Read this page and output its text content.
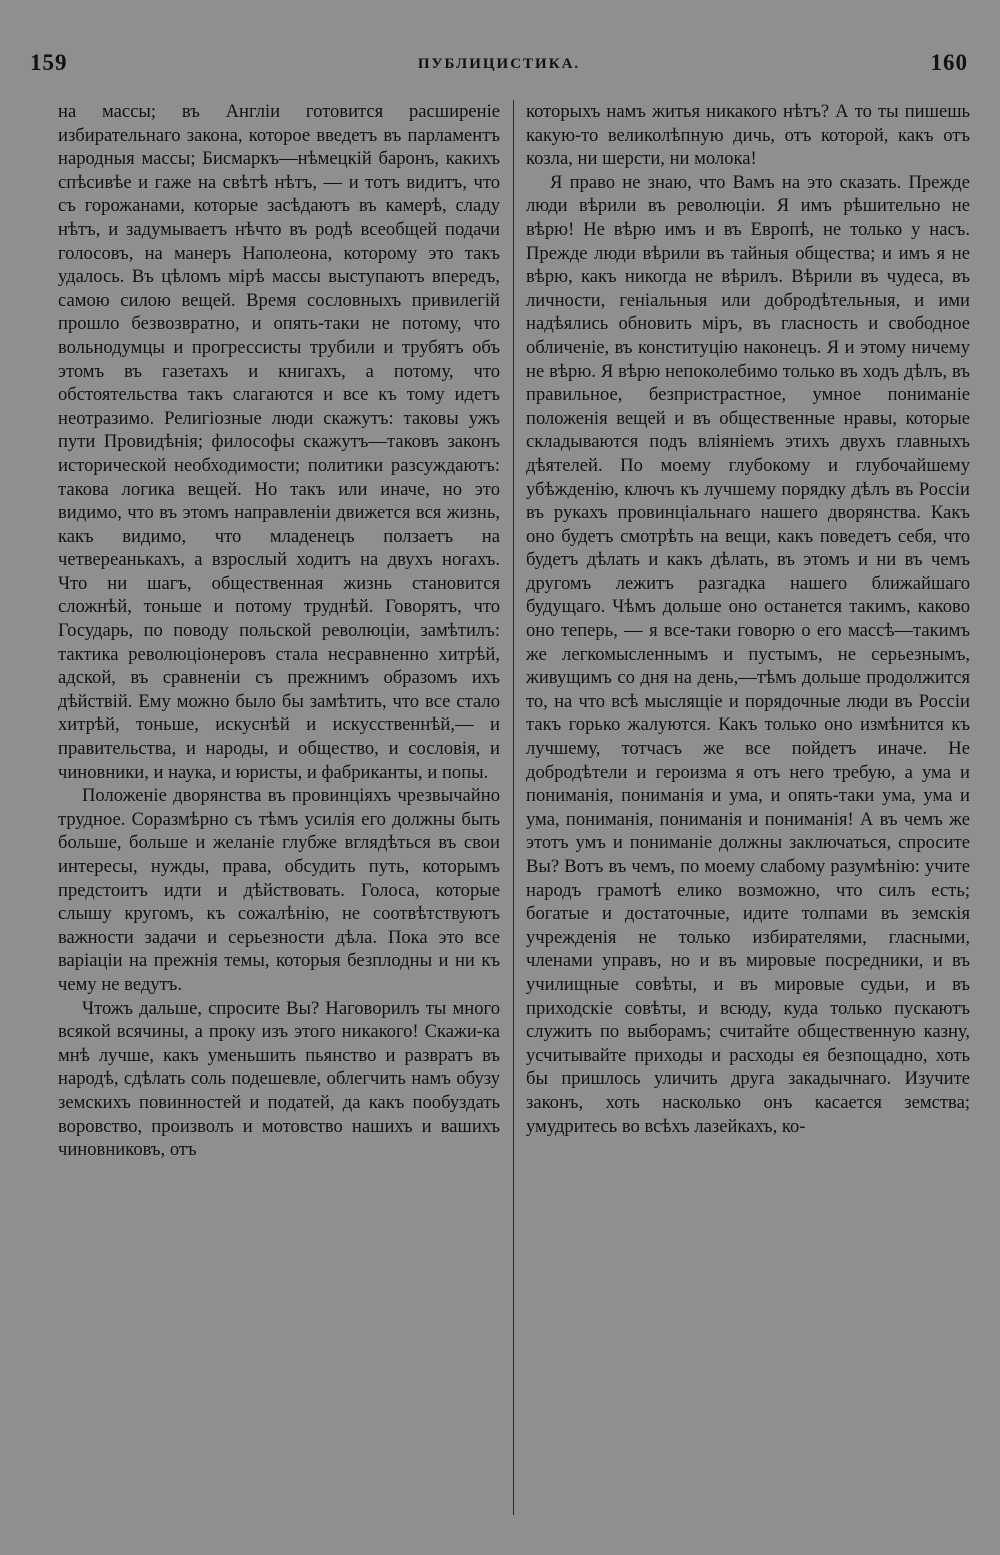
159	ПУБЛИЦИСТИКА.	160

на массы; въ Англіи готовится расширеніе избирательнаго закона, которое введетъ въ парламентъ народныя массы; Бисмаркъ—нѣмецкій баронъ, какихъ спѣсивѣе и гаже на свѣтѣ нѣтъ, — и тотъ видитъ, что съ горожанами, которые засѣдаютъ въ камерѣ, сладу нѣтъ, и задумываетъ нѣчто въ родѣ всеобщей подачи голосовъ, на манеръ Наполеона, которому это такъ удалось. Въ цѣломъ мірѣ массы выступаютъ впередъ, самою силою вещей. Время сословныхъ привилегій прошло безвозвратно, и опять-таки не потому, что вольнодумцы и прогрессисты трубили и трубятъ объ этомъ въ газетахъ и книгахъ, а потому, что обстоятельства такъ слагаются и все къ тому идетъ неотразимо. Религіозные люди скажутъ: таковы ужъ пути Провидѣнія; философы скажутъ—таковъ законъ исторической необходимости; политики разсуждаютъ: такова логика вещей. Но такъ или иначе, но это видимо, что въ этомъ направленіи движется вся жизнь, какъ видимо, что младенецъ ползаетъ на четвереанькахъ, а взрослый ходитъ на двухъ ногахъ. Что ни шагъ, общественная жизнь становится сложнѣй, тоньше и потому труднѣй. Говорятъ, что Государь, по поводу польской революціи, замѣтилъ: тактика революціонеровъ стала несравненно хитрѣй, адской, въ сравненіи съ прежнимъ образомъ ихъ дѣйствій. Ему можно было бы замѣтить, что все стало хитрѣй, тоньше, искуснѣй и искусственнѣй,— и правительства, и народы, и общество, и сословія, и чиновники, и наука, и юристы, и фабриканты, и попы.

Положеніе дворянства въ провинціяхъ чрезвычайно трудное. Соразмѣрно съ тѣмъ усилія его должны быть больше, больше и желаніе глубже вглядѣться въ свои интересы, нужды, права, обсудить путь, которымъ предстоитъ идти и дѣйствовать. Голоса, которые слышу кругомъ, къ сожалѣнію, не соотвѣтствуютъ важности задачи и серьезности дѣла. Пока это все варіаціи на прежнія темы, которыя безплодны и ни къ чему не ведутъ.

Чтожъ дальше, спросите Вы? Наговорилъ ты много всякой всячины, а проку изъ этого никакого! Скажи-ка мнѣ лучше, какъ уменьшить пьянство и развратъ въ народѣ, сдѣлать соль подешевле, облегчить намъ обузу земскихъ повинностей и податей, да какъ пообуздать воровство, произволъ и мотовство нашихъ и вашихъ чиновниковъ, отъ

которыхъ намъ житья никакого нѣтъ? А то ты пишешь какую-то великолѣпную дичь, отъ которой, какъ отъ козла, ни шерсти, ни молока!

Я право не знаю, что Вамъ на это сказать. Прежде люди вѣрили въ революціи. Я имъ рѣшительно не вѣрю! Не вѣрю имъ и въ Европѣ, не только у насъ. Прежде люди вѣрили въ тайныя общества; и имъ я не вѣрю, какъ никогда не вѣрилъ. Вѣрили въ чудеса, въ личности, геніальныя или добродѣтельныя, и ими надѣялись обновить міръ, въ гласность и свободное обличеніе, въ конституцію наконецъ. Я и этому ничему не вѣрю. Я вѣрю непоколебимо только въ ходъ дѣлъ, въ правильное, безпристрастное, умное пониманіе положенія вещей и въ общественные нравы, которые складываются подъ вліяніемъ этихъ двухъ главныхъ дѣятелей. По моему глубокому и глубочайшему убѣжденію, ключъ къ лучшему порядку дѣлъ въ Россіи въ рукахъ провинціальнаго нашего дворянства. Какъ оно будетъ смотрѣть на вещи, какъ поведетъ себя, что будетъ дѣлать и какъ дѣлать, въ этомъ и ни въ чемъ другомъ лежитъ разгадка нашего ближайшаго будущаго. Чѣмъ дольше оно останется такимъ, каково оно теперь, — я все-таки говорю о его массѣ—такимъ же легкомысленнымъ и пустымъ, не серьезнымъ, живущимъ со дня на день,—тѣмъ дольше продолжится то, на что всѣ мыслящіе и порядочные люди въ Россіи такъ горько жалуются. Какъ только оно измѣнится къ лучшему, тотчасъ же все пойдетъ иначе. Не добродѣтели и героизма я отъ него требую, а ума и пониманія, пониманія и ума, и опять-таки ума, ума и ума, пониманія, пониманія и пониманія! А въ чемъ же этотъ умъ и пониманіе должны заключаться, спросите Вы? Вотъ въ чемъ, по моему слабому разумѣнію: учите народъ грамотѣ елико возможно, что силъ есть; богатые и достаточные, идите толпами въ земскія учрежденія не только избирателями, гласными, членами управъ, но и въ мировые посредники, и въ училищные совѣты, и въ мировые судьи, и въ приходскіе совѣты, и всюду, куда только пускаютъ служить по выборамъ; считайте общественную казну, усчитывайте приходы и расходы ея безпощадно, хоть бы пришлось уличить друга закадычнаго. Изучите законъ, хоть насколько онъ касается земства; умудритесь во всѣхъ лазейкахъ, ко-
